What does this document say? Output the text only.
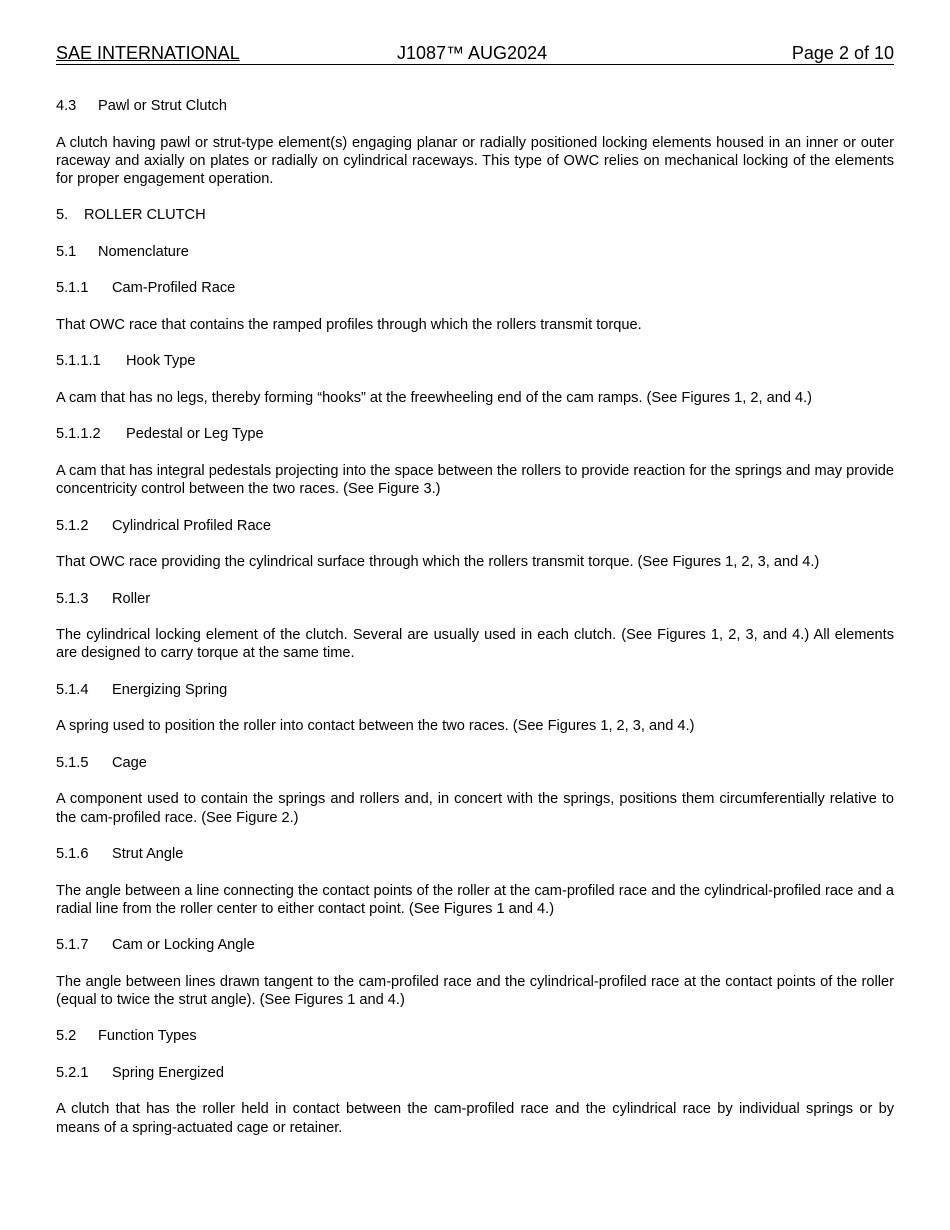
SAE INTERNATIONAL	J1087™ AUG2024	Page 2 of 10

4.3 Pawl or Strut Clutch

A clutch having pawl or strut-type element(s) engaging planar or radially positioned locking elements housed in an inner or outer raceway and axially on plates or radially on cylindrical raceways. This type of OWC relies on mechanical locking of the elements for proper engagement operation.

5. ROLLER CLUTCH

5.1 Nomenclature

5.1.1 Cam-Profiled Race

That OWC race that contains the ramped profiles through which the rollers transmit torque.

5.1.1.1 Hook Type

A cam that has no legs, thereby forming “hooks” at the freewheeling end of the cam ramps. (See Figures 1, 2, and 4.)

5.1.1.2 Pedestal or Leg Type

A cam that has integral pedestals projecting into the space between the rollers to provide reaction for the springs and may provide concentricity control between the two races. (See Figure 3.)

5.1.2 Cylindrical Profiled Race

That OWC race providing the cylindrical surface through which the rollers transmit torque. (See Figures 1, 2, 3, and 4.)

5.1.3 Roller

The cylindrical locking element of the clutch. Several are usually used in each clutch. (See Figures 1, 2, 3, and 4.) All elements are designed to carry torque at the same time.

5.1.4 Energizing Spring

A spring used to position the roller into contact between the two races. (See Figures 1, 2, 3, and 4.)

5.1.5 Cage

A component used to contain the springs and rollers and, in concert with the springs, positions them circumferentially relative to the cam-profiled race. (See Figure 2.)

5.1.6 Strut Angle

The angle between a line connecting the contact points of the roller at the cam-profiled race and the cylindrical-profiled race and a radial line from the roller center to either contact point. (See Figures 1 and 4.)

5.1.7 Cam or Locking Angle

The angle between lines drawn tangent to the cam-profiled race and the cylindrical-profiled race at the contact points of the roller (equal to twice the strut angle). (See Figures 1 and 4.)

5.2 Function Types

5.2.1 Spring Energized

A clutch that has the roller held in contact between the cam-profiled race and the cylindrical race by individual springs or by means of a spring-actuated cage or retainer.
